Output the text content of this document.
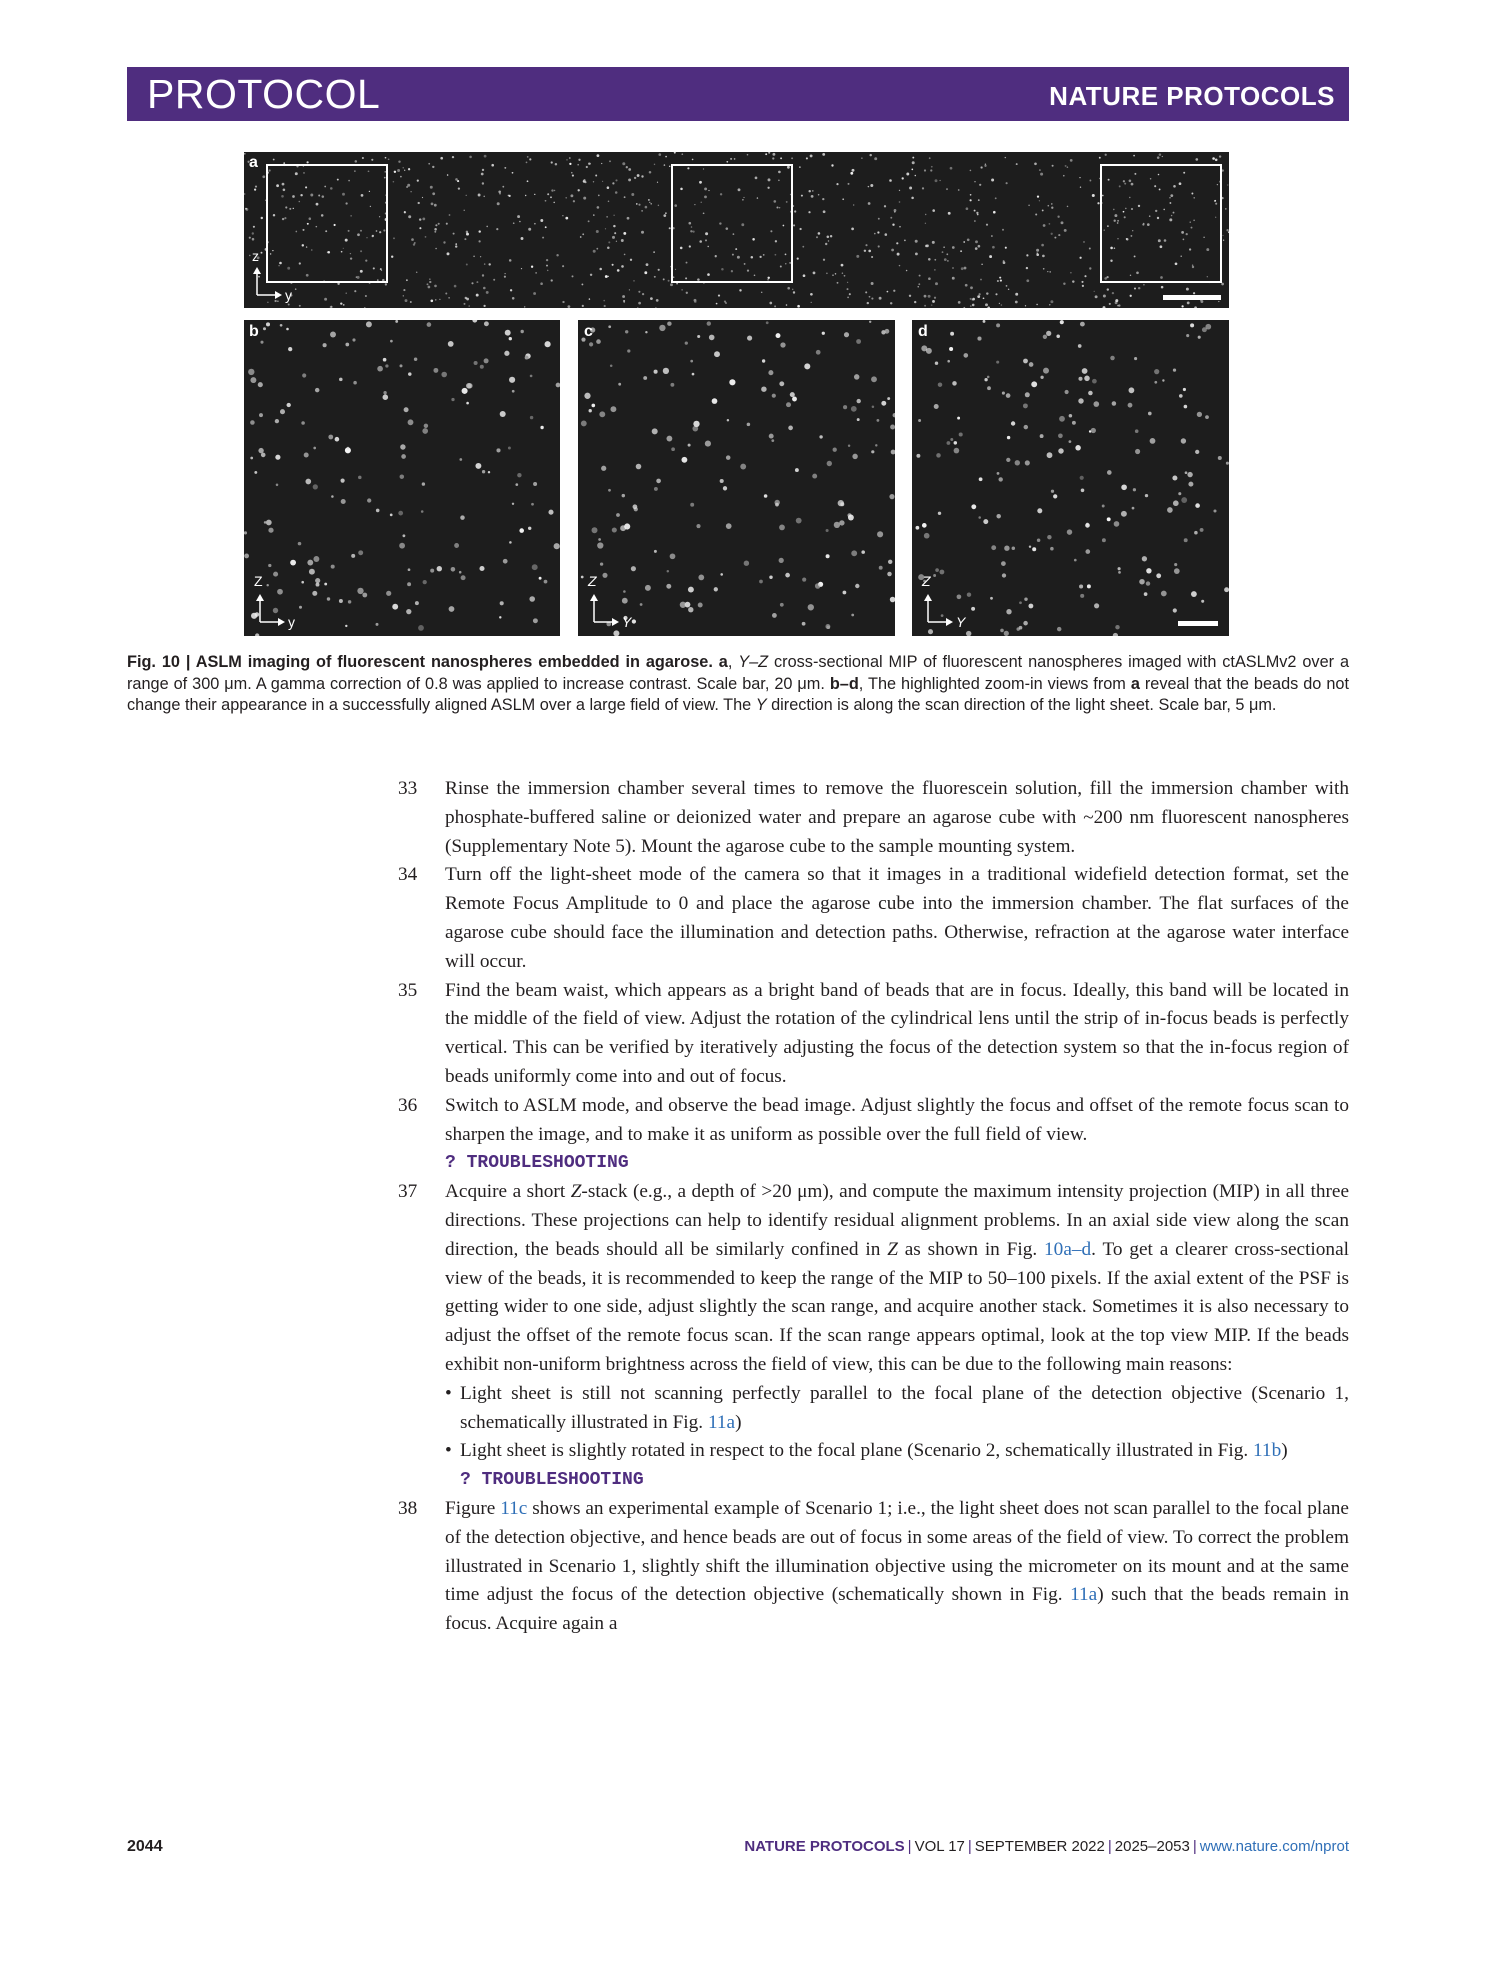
PROTOCOL	NATURE PROTOCOLS
a
z
y
b
Z
y
c
Z
Y
d
Z
Y
Fig. 10 | ASLM imaging of fluorescent nanospheres embedded in agarose. a, Y–Z cross-sectional MIP of fluorescent nanospheres imaged with ctASLMv2 over a range of 300 μm. A gamma correction of 0.8 was applied to increase contrast. Scale bar, 20 μm. b–d, The highlighted zoom-in views from a reveal that the beads do not change their appearance in a successfully aligned ASLM over a large field of view. The Y direction is along the scan direction of the light sheet. Scale bar, 5 μm.
33 Rinse the immersion chamber several times to remove the fluorescein solution, fill the immersion chamber with phosphate-buffered saline or deionized water and prepare an agarose cube with ~200 nm fluorescent nanospheres (Supplementary Note 5). Mount the agarose cube to the sample mounting system.
34 Turn off the light-sheet mode of the camera so that it images in a traditional widefield detection format, set the Remote Focus Amplitude to 0 and place the agarose cube into the immersion chamber. The flat surfaces of the agarose cube should face the illumination and detection paths. Otherwise, refraction at the agarose water interface will occur.
35 Find the beam waist, which appears as a bright band of beads that are in focus. Ideally, this band will be located in the middle of the field of view. Adjust the rotation of the cylindrical lens until the strip of in-focus beads is perfectly vertical. This can be verified by iteratively adjusting the focus of the detection system so that the in-focus region of beads uniformly come into and out of focus.
36 Switch to ASLM mode, and observe the bead image. Adjust slightly the focus and offset of the remote focus scan to sharpen the image, and to make it as uniform as possible over the full field of view.
? TROUBLESHOOTING
37 Acquire a short Z-stack (e.g., a depth of >20 μm), and compute the maximum intensity projection (MIP) in all three directions. These projections can help to identify residual alignment problems. In an axial side view along the scan direction, the beads should all be similarly confined in Z as shown in Fig. 10a–d. To get a clearer cross-sectional view of the beads, it is recommended to keep the range of the MIP to 50–100 pixels. If the axial extent of the PSF is getting wider to one side, adjust slightly the scan range, and acquire another stack. Sometimes it is also necessary to adjust the offset of the remote focus scan. If the scan range appears optimal, look at the top view MIP. If the beads exhibit non-uniform brightness across the field of view, this can be due to the following main reasons:
• Light sheet is still not scanning perfectly parallel to the focal plane of the detection objective (Scenario 1, schematically illustrated in Fig. 11a)
• Light sheet is slightly rotated in respect to the focal plane (Scenario 2, schematically illustrated in Fig. 11b)
? TROUBLESHOOTING
38 Figure 11c shows an experimental example of Scenario 1; i.e., the light sheet does not scan parallel to the focal plane of the detection objective, and hence beads are out of focus in some areas of the field of view. To correct the problem illustrated in Scenario 1, slightly shift the illumination objective using the micrometer on its mount and at the same time adjust the focus of the detection objective (schematically shown in Fig. 11a) such that the beads remain in focus. Acquire again a
2044	NATURE PROTOCOLS | VOL 17 | SEPTEMBER 2022 | 2025–2053 | www.nature.com/nprot
